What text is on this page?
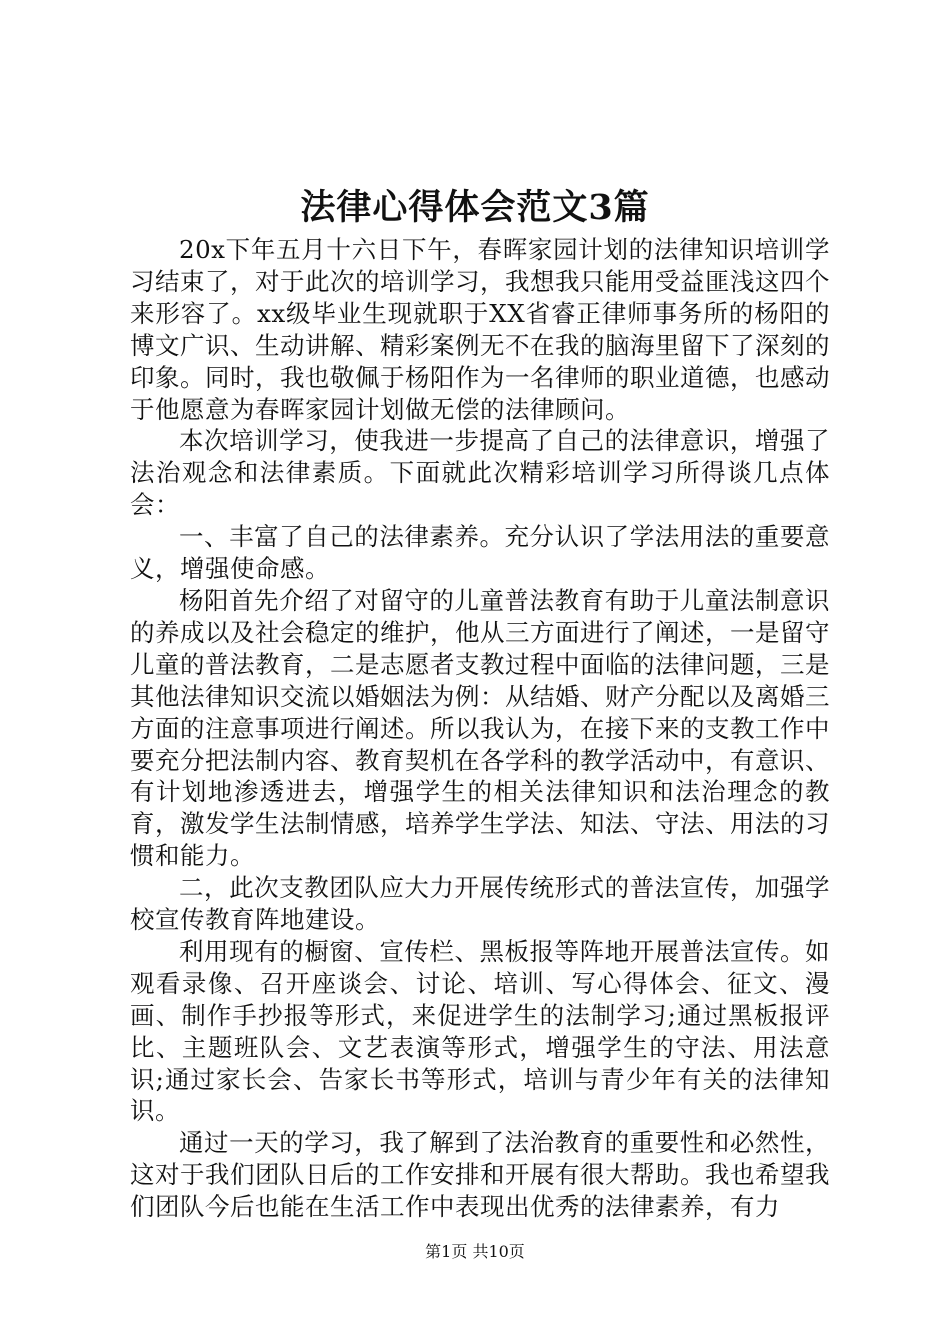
法律心得体会范文3篇

20x下年五月十六日下午，春晖家园计划的法律知识培训学习结束了，对于此次的培训学习，我想我只能用受益匪浅这四个来形容了。xx级毕业生现就职于XX省睿正律师事务所的杨阳的博文广识、生动讲解、精彩案例无不在我的脑海里留下了深刻的印象。同时，我也敬佩于杨阳作为一名律师的职业道德，也感动于他愿意为春晖家园计划做无偿的法律顾问。

本次培训学习，使我进一步提高了自己的法律意识，增强了法治观念和法律素质。下面就此次精彩培训学习所得谈几点体会：

一、丰富了自己的法律素养。充分认识了学法用法的重要意义，增强使命感。

杨阳首先介绍了对留守的儿童普法教育有助于儿童法制意识的养成以及社会稳定的维护，他从三方面进行了阐述，一是留守儿童的普法教育，二是志愿者支教过程中面临的法律问题，三是其他法律知识交流以婚姻法为例：从结婚、财产分配以及离婚三方面的注意事项进行阐述。所以我认为，在接下来的支教工作中要充分把法制内容、教育契机在各学科的教学活动中，有意识、有计划地渗透进去，增强学生的相关法律知识和法治理念的教育，激发学生法制情感，培养学生学法、知法、守法、用法的习惯和能力。

二，此次支教团队应大力开展传统形式的普法宣传，加强学校宣传教育阵地建设。

利用现有的橱窗、宣传栏、黑板报等阵地开展普法宣传。如观看录像、召开座谈会、讨论、培训、写心得体会、征文、漫画、制作手抄报等形式，来促进学生的法制学习;通过黑板报评比、主题班队会、文艺表演等形式，增强学生的守法、用法意识;通过家长会、告家长书等形式，培训与青少年有关的法律知识。

通过一天的学习，我了解到了法治教育的重要性和必然性，这对于我们团队日后的工作安排和开展有很大帮助。我也希望我们团队今后也能在生活工作中表现出优秀的法律素养，有力

第1页 共10页
